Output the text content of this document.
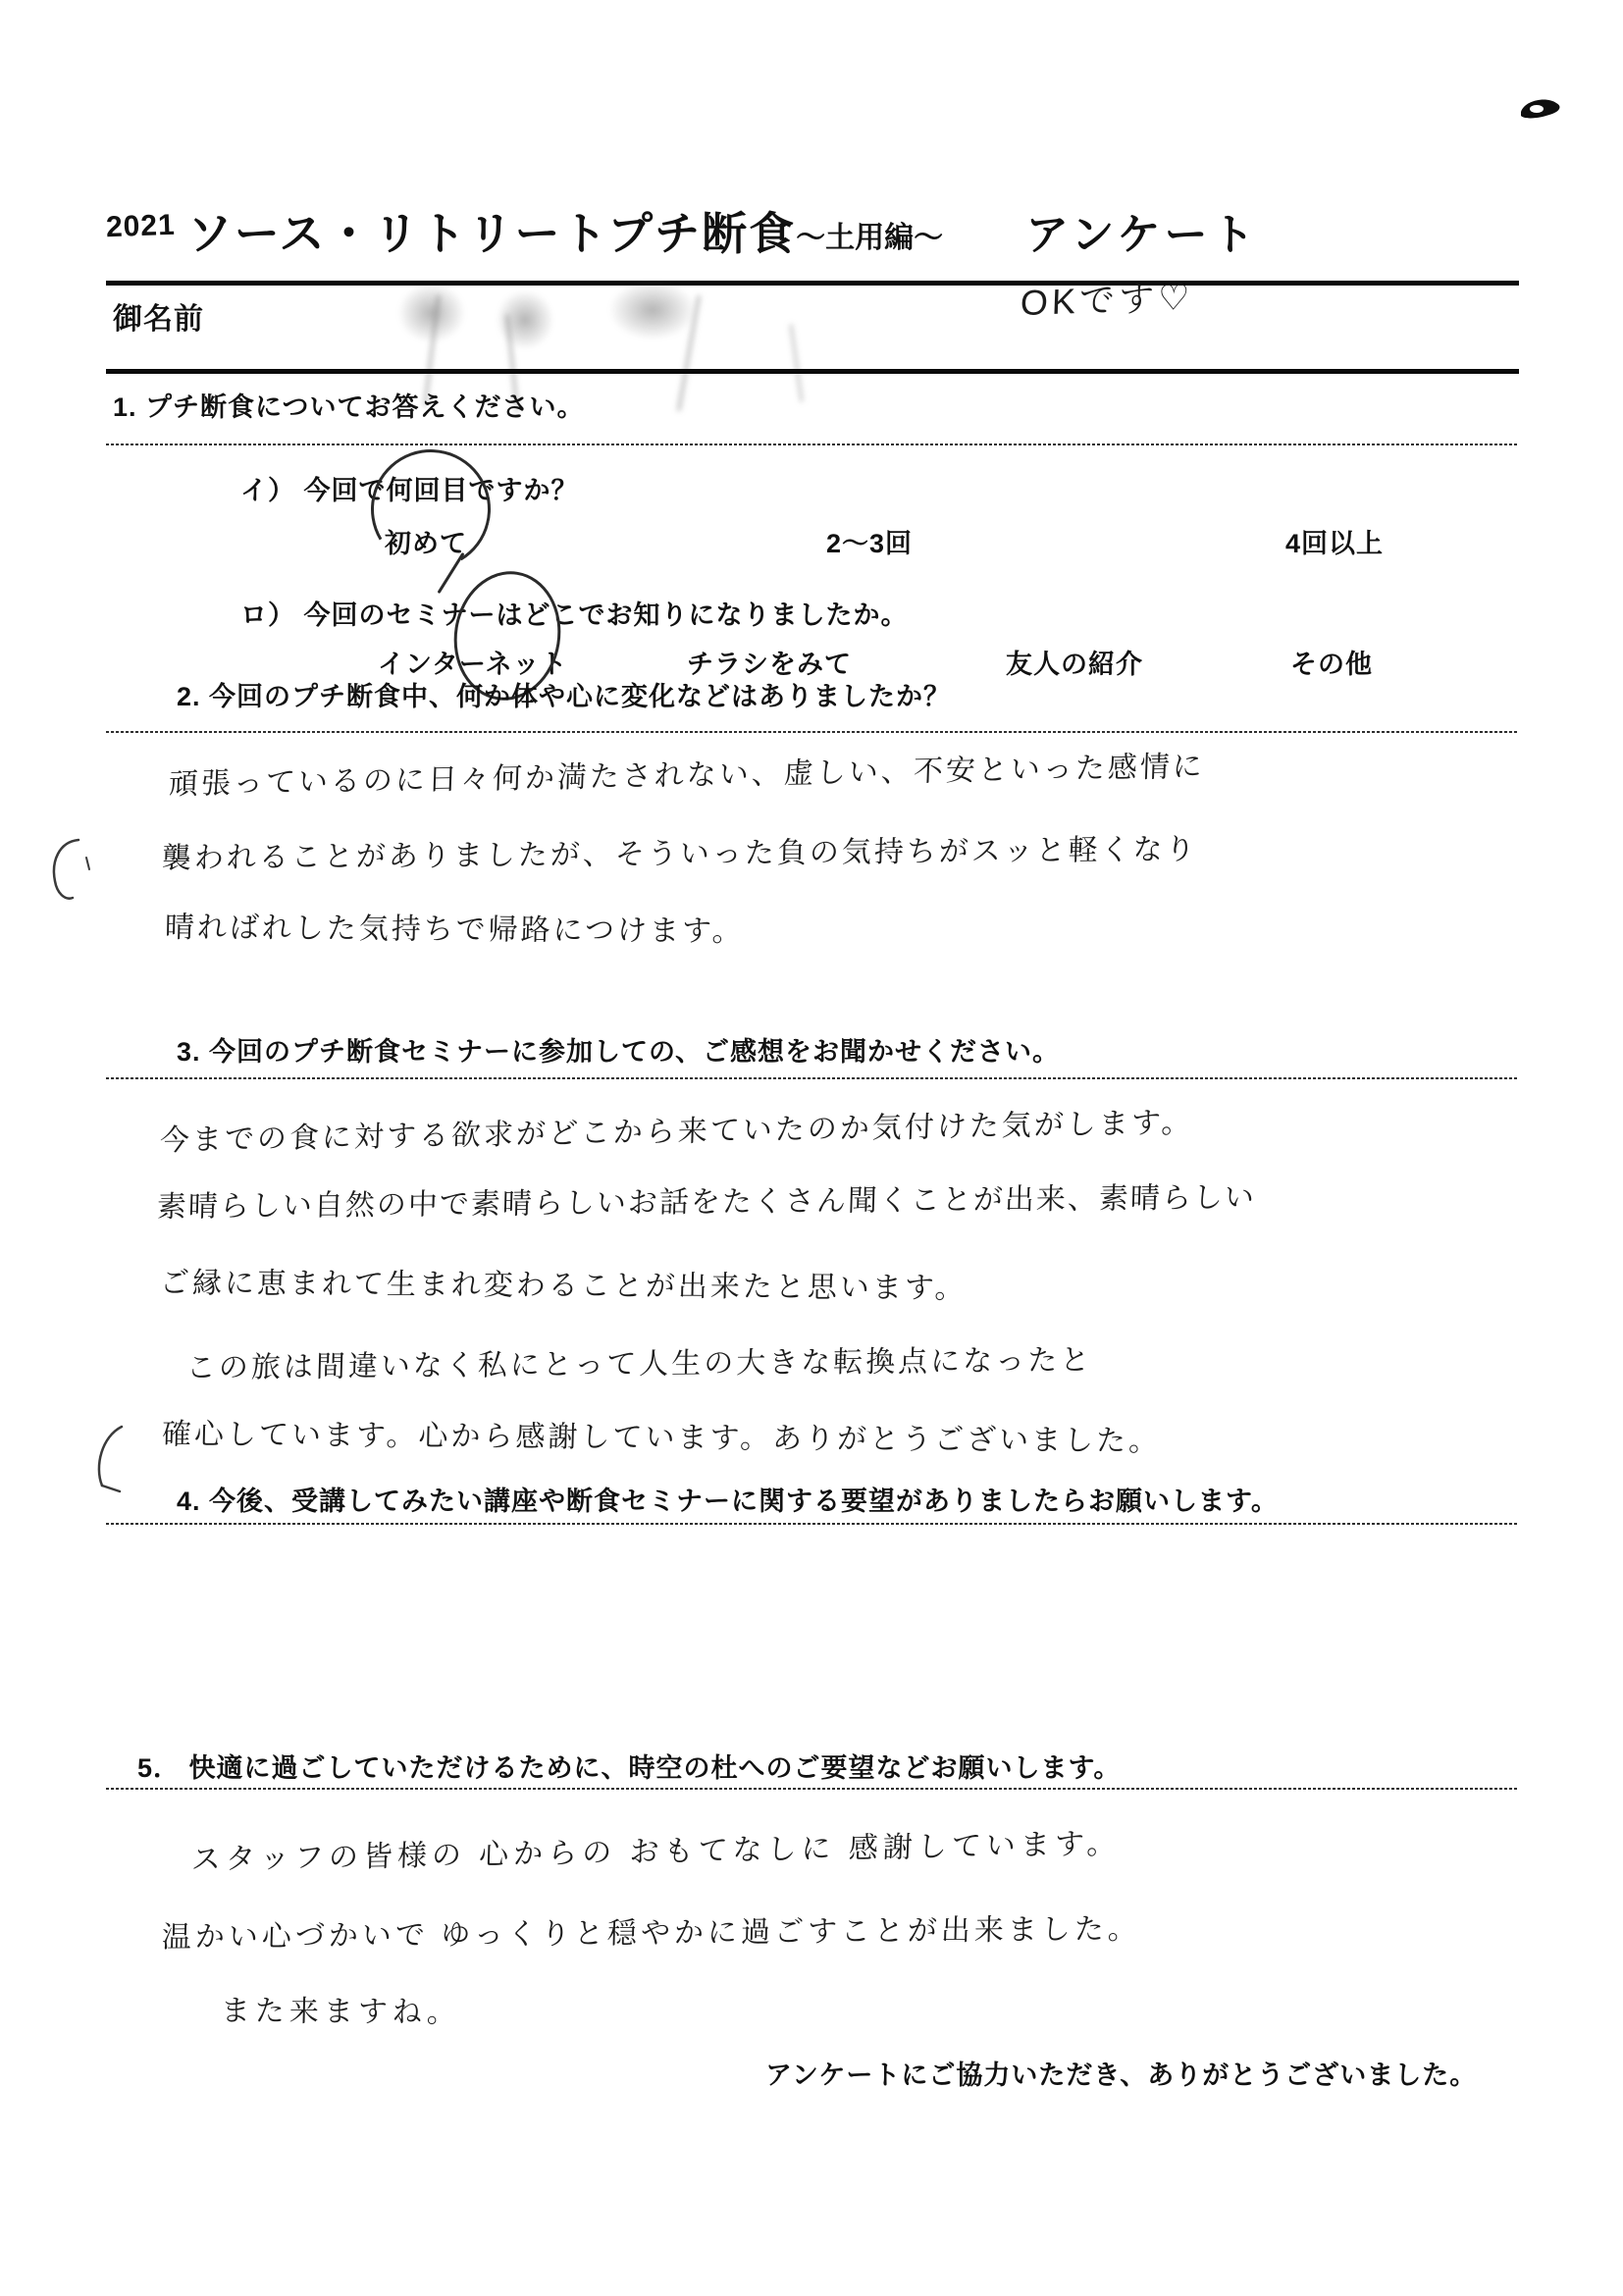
2021 ソース・リトリートプチ断食～土用編～ アンケート
御名前	OKです♡
1. プチ断食についてお答えください。
イ） 今回で何回目ですか？
初めて	2～3回	4回以上
ロ） 今回のセミナーはどこでお知りになりましたか。
インターネット	チラシをみて	友人の紹介	その他
2. 今回のプチ断食中、何か体や心に変化などはありましたか？
頑張っているのに日々何か満たされない、虚しい、不安といった感情に
襲われることがありましたが、そういった負の気持ちがスッと軽くなり
晴ればれした気持ちで帰路につけます。
3. 今回のプチ断食セミナーに参加しての、ご感想をお聞かせください。
今までの食に対する欲求がどこから来ていたのか気付けた気がします。
素晴らしい自然の中で素晴らしいお話をたくさん聞くことが出来、素晴らしい
ご縁に恵まれて生まれ変わることが出来たと思います。
この旅は間違いなく私にとって人生の大きな転換点になったと
確心しています。心から感謝しています。ありがとうございました。
4. 今後、受講してみたい講座や断食セミナーに関する要望がありましたらお願いします。
5． 快適に過ごしていただけるために、時空の杜へのご要望などお願いします。
スタッフの皆様の 心からの おもてなしに 感謝しています。
温かい心づかいで ゆっくりと穏やかに過ごすことが出来ました。
また来ますね。
アンケートにご協力いただき、ありがとうございました。
